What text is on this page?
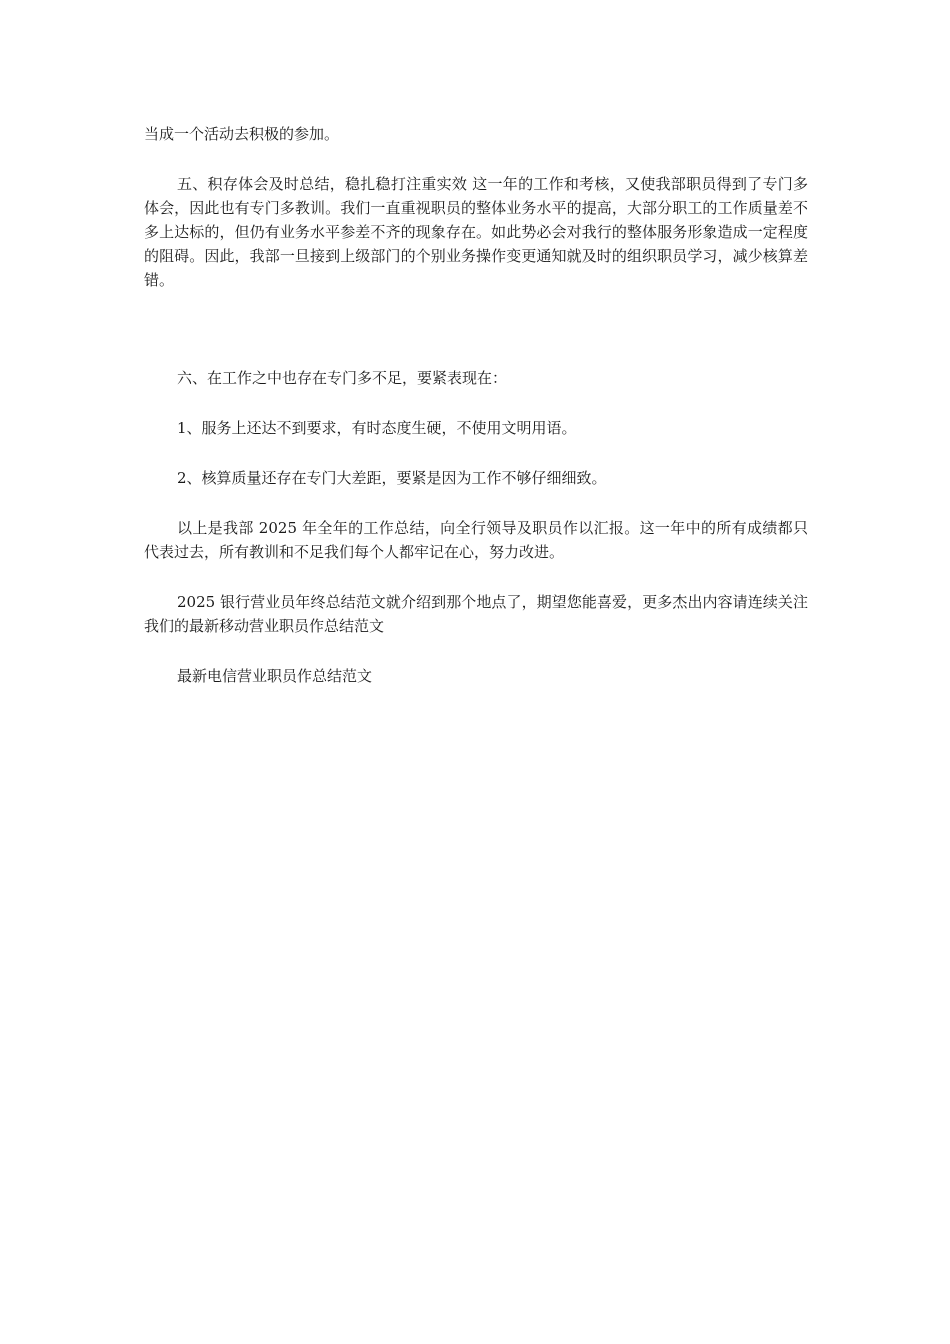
当成一个活动去积极的参加。

五、积存体会及时总结，稳扎稳打注重实效 这一年的工作和考核，又使我部职员得到了专门多体会，因此也有专门多教训。我们一直重视职员的整体业务水平的提高，大部分职工的工作质量差不多上达标的，但仍有业务水平参差不齐的现象存在。如此势必会对我行的整体服务形象造成一定程度的阻碍。因此，我部一旦接到上级部门的个别业务操作变更通知就及时的组织职员学习，减少核算差错。

六、在工作之中也存在专门多不足，要紧表现在：

1、服务上还达不到要求，有时态度生硬，不使用文明用语。

2、核算质量还存在专门大差距，要紧是因为工作不够仔细细致。

以上是我部 2025 年全年的工作总结，向全行领导及职员作以汇报。这一年中的所有成绩都只代表过去，所有教训和不足我们每个人都牢记在心，努力改进。

2025 银行营业员年终总结范文就介绍到那个地点了，期望您能喜爱，更多杰出内容请连续关注我们的最新移动营业职员作总结范文

最新电信营业职员作总结范文
